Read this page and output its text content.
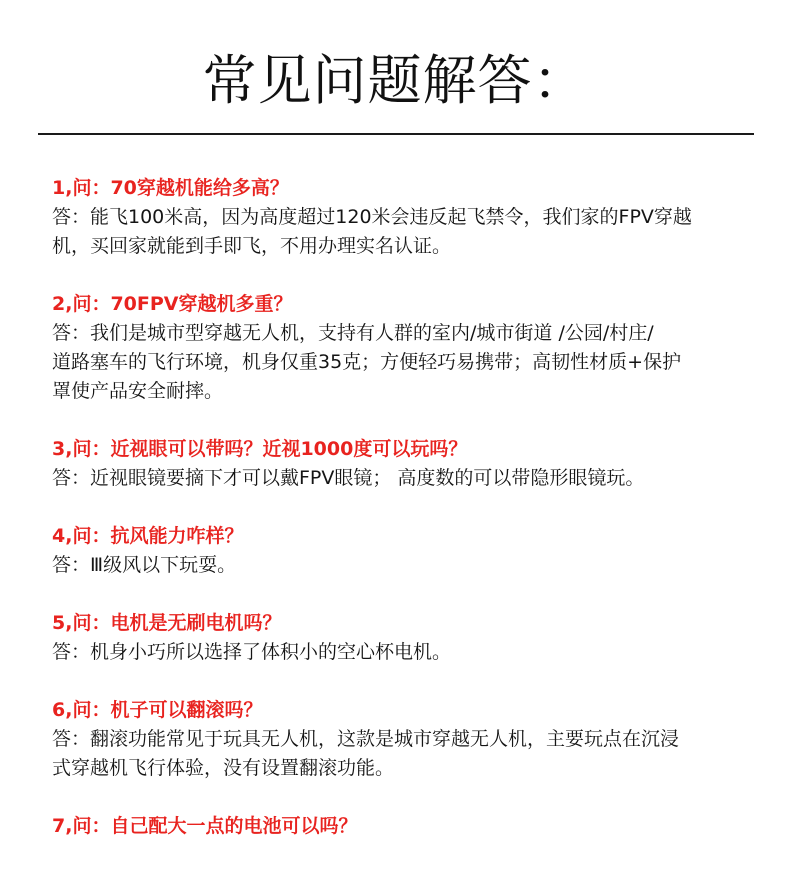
常见问题解答：
1,问：70穿越机能给多高？
答：能飞100米高，因为高度超过120米会违反起飞禁令，我们家的FPV穿越
机，买回家就能到手即飞，不用办理实名认证。
2,问：70FPV穿越机多重？
答：我们是城市型穿越无人机，支持有人群的室内/城市街道 /公园/村庄/
道路塞车的飞行环境，机身仅重35克；方便轻巧易携带；高韧性材质+保护
罩使产品安全耐摔。
3,问：近视眼可以带吗？近视1000度可以玩吗？
答：近视眼镜要摘下才可以戴FPV眼镜； 高度数的可以带隐形眼镜玩。
4,问：抗风能力咋样？
答：Ⅲ级风以下玩耍。
5,问：电机是无刷电机吗？
答：机身小巧所以选择了体积小的空心杯电机。
6,问：机子可以翻滚吗？
答：翻滚功能常见于玩具无人机，这款是城市穿越无人机，主要玩点在沉浸
式穿越机飞行体验，没有设置翻滚功能。
7,问：自己配大一点的电池可以吗？
